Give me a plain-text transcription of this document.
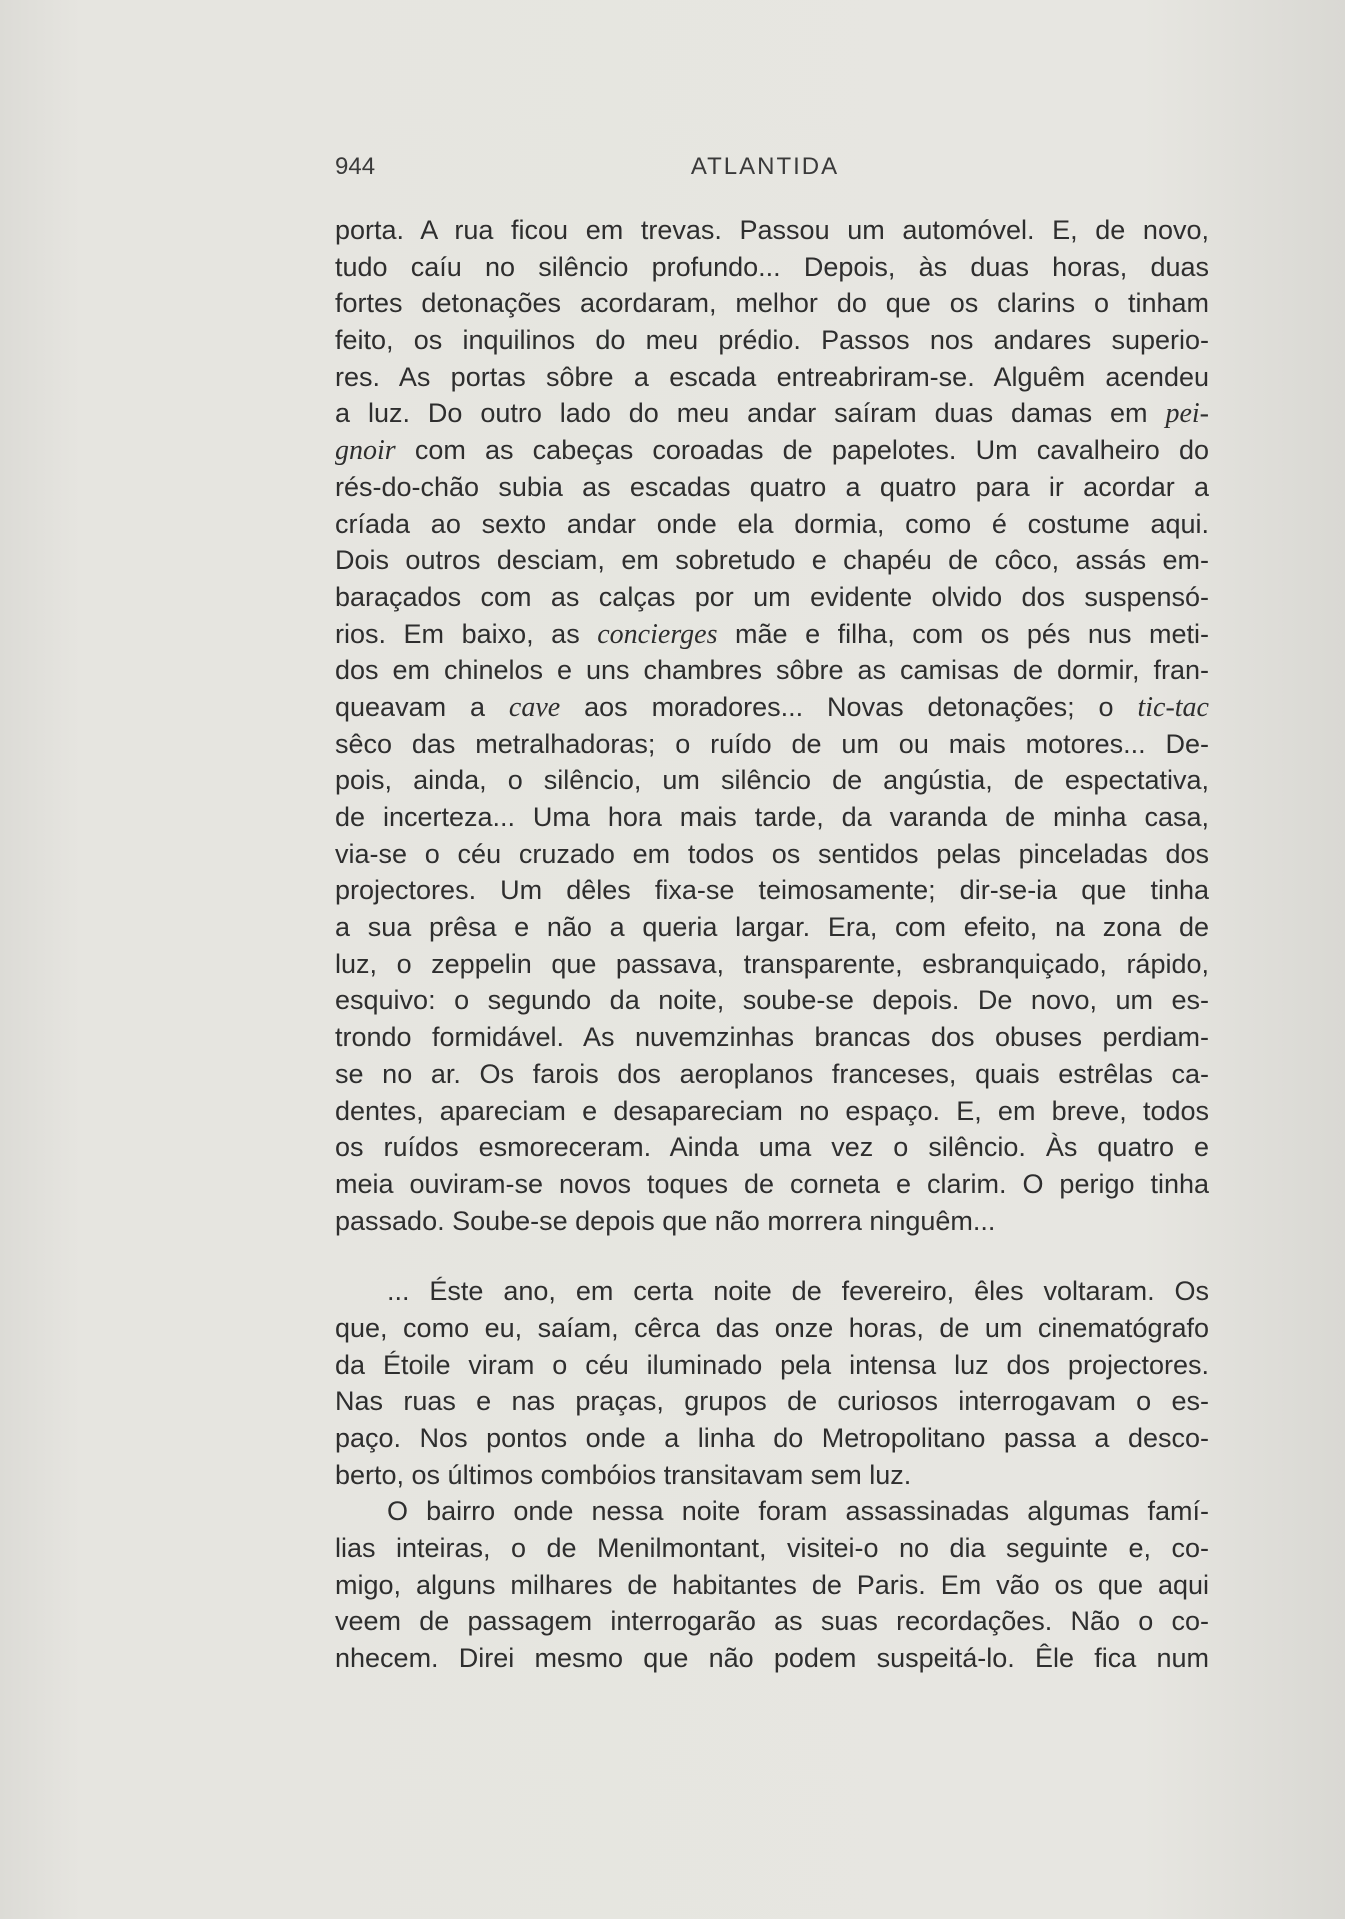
944	ATLANTIDA
porta. A rua ficou em trevas. Passou um automóvel. E, de novo,
tudo caíu no silêncio profundo... Depois, às duas horas, duas
fortes detonações acordaram, melhor do que os clarins o tinham
feito, os inquilinos do meu prédio. Passos nos andares superio-
res. As portas sôbre a escada entreabriram-se. Alguêm acendeu
a luz. Do outro lado do meu andar saíram duas damas em pei-
gnoir com as cabeças coroadas de papelotes. Um cavalheiro do
rés-do-chão subia as escadas quatro a quatro para ir acordar a
críada ao sexto andar onde ela dormia, como é costume aqui.
Dois outros desciam, em sobretudo e chapéu de côco, assás em-
baraçados com as calças por um evidente olvido dos suspensó-
rios. Em baixo, as concierges mãe e filha, com os pés nus meti-
dos em chinelos e uns chambres sôbre as camisas de dormir, fran-
queavam a cave aos moradores... Novas detonações; o tic-tac
sêco das metralhadoras; o ruído de um ou mais motores... De-
pois, ainda, o silêncio, um silêncio de angústia, de espectativa,
de incerteza... Uma hora mais tarde, da varanda de minha casa,
via-se o céu cruzado em todos os sentidos pelas pinceladas dos
projectores. Um dêles fixa-se teimosamente; dir-se-ia que tinha
a sua prêsa e não a queria largar. Era, com efeito, na zona de
luz, o zeppelin que passava, transparente, esbranquiçado, rápido,
esquivo: o segundo da noite, soube-se depois. De novo, um es-
trondo formidável. As nuvemzinhas brancas dos obuses perdiam-
se no ar. Os farois dos aeroplanos franceses, quais estrêlas ca-
dentes, apareciam e desapareciam no espaço. E, em breve, todos
os ruídos esmoreceram. Ainda uma vez o silêncio. Às quatro e
meia ouviram-se novos toques de corneta e clarim. O perigo tinha
passado. Soube-se depois que não morrera ninguêm...
... Éste ano, em certa noite de fevereiro, êles voltaram. Os
que, como eu, saíam, cêrca das onze horas, de um cinematógrafo
da Étoile viram o céu iluminado pela intensa luz dos projectores.
Nas ruas e nas praças, grupos de curiosos interrogavam o es-
paço. Nos pontos onde a linha do Metropolitano passa a desco-
berto, os últimos combóios transitavam sem luz.
O bairro onde nessa noite foram assassinadas algumas famí-
lias inteiras, o de Menilmontant, visitei-o no dia seguinte e, co-
migo, alguns milhares de habitantes de Paris. Em vão os que aqui
veem de passagem interrogarão as suas recordações. Não o co-
nhecem. Direi mesmo que não podem suspeitá-lo. Êle fica num
